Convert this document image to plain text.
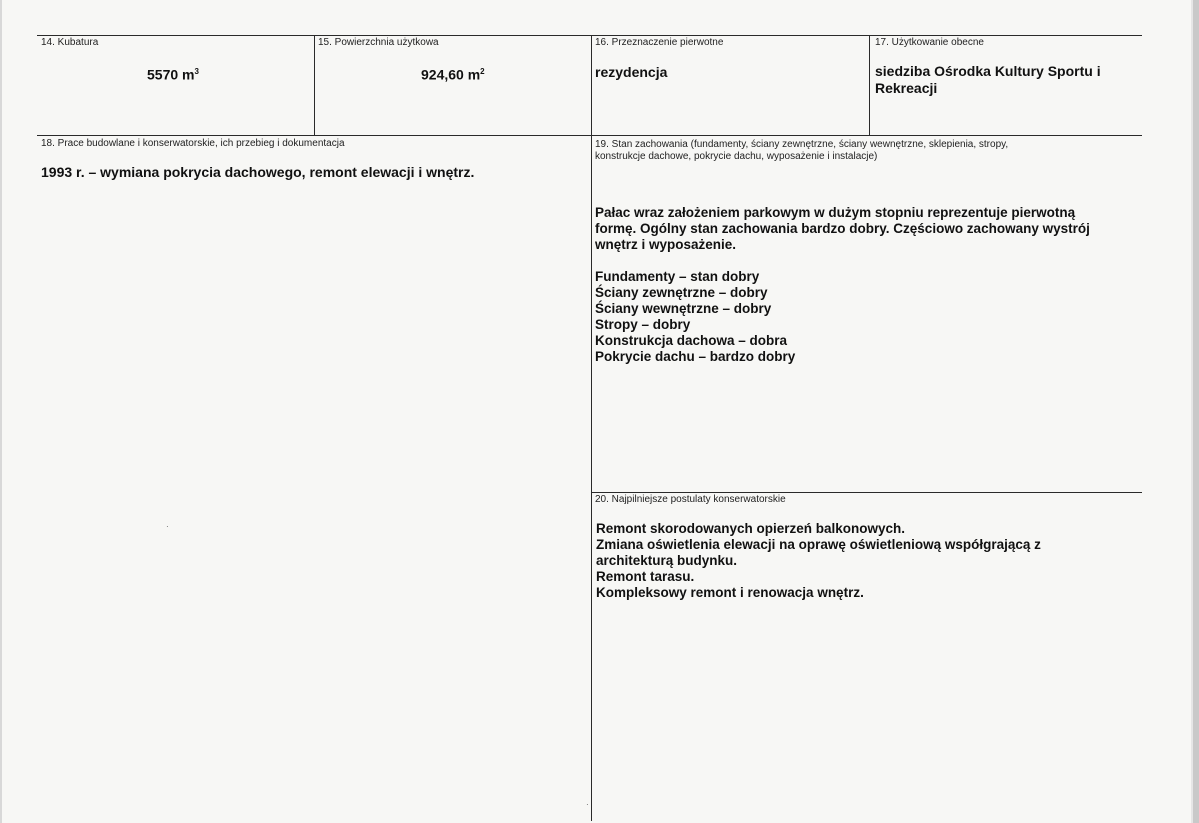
14. Kubatura
5570 $m^3$
15. Powierzchnia użytkowa
924,60 $m^2$
16. Przeznaczenie pierwotne
rezydencja
17. Użytkowanie obecne
siedziba Ośrodka Kultury Sportu i
Rekreacji
18. Prace budowlane i konserwatorskie, ich przebieg i dokumentacja
1993 r. – wymiana pokrycia dachowego, remont elewacji i wnętrz.
19. Stan zachowania (fundamenty, ściany zewnętrzne, ściany wewnętrzne, sklepienia, stropy,
konstrukcje dachowe, pokrycie dachu, wyposażenie i instalacje)
Pałac wraz założeniem parkowym w dużym stopniu reprezentuje pierwotną
formę. Ogólny stan zachowania bardzo dobry. Częściowo zachowany wystrój
wnętrz i wyposażenie.
Fundamenty – stan dobry
Ściany zewnętrzne – dobry
Ściany wewnętrzne – dobry
Stropy – dobry
Konstrukcja dachowa – dobra
Pokrycie dachu – bardzo dobry
20. Najpilniejsze postulaty konserwatorskie
Remont skorodowanych opierzeń balkonowych.
Zmiana oświetlenia elewacji na oprawę oświetleniową współgrającą z
architekturą budynku.
Remont tarasu.
Kompleksowy remont i renowacja wnętrz.
·
·
